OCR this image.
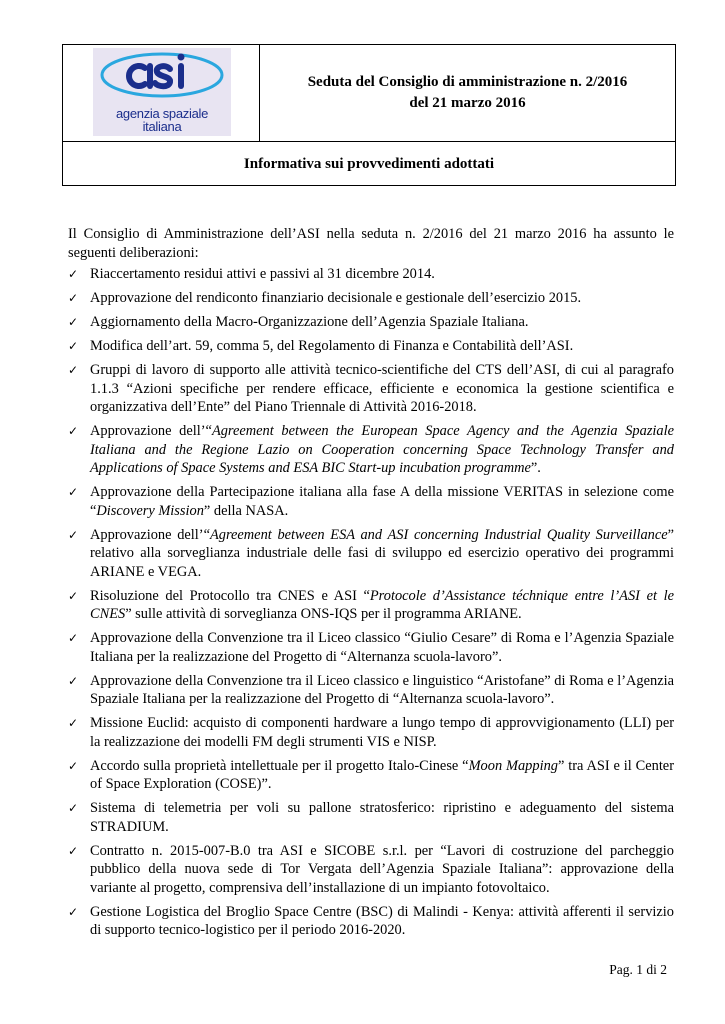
agenzia spaziale
italiana
Seduta del Consiglio di amministrazione n. 2/2016
del 21 marzo 2016
Informativa sui provvedimenti adottati

Il Consiglio di Amministrazione dell’ASI nella seduta n. 2/2016 del 21 marzo 2016 ha assunto le seguenti deliberazioni:

✓ Riaccertamento residui attivi e passivi al 31 dicembre 2014.
✓ Approvazione del rendiconto finanziario decisionale e gestionale dell’esercizio 2015.
✓ Aggiornamento della Macro-Organizzazione dell’Agenzia Spaziale Italiana.
✓ Modifica dell’art. 59, comma 5, del Regolamento di Finanza e Contabilità dell’ASI.
✓ Gruppi di lavoro di supporto alle attività tecnico-scientifiche del CTS dell’ASI, di cui al paragrafo 1.1.3 “Azioni specifiche per rendere efficace, efficiente e economica la gestione scientifica e organizzativa dell’Ente” del Piano Triennale di Attività 2016-2018.
✓ Approvazione dell’“Agreement between the European Space Agency and the Agenzia Spaziale Italiana and the Regione Lazio on Cooperation concerning Space Technology Transfer and Applications of Space Systems and ESA BIC Start-up incubation programme”.
✓ Approvazione della Partecipazione italiana alla fase A della missione VERITAS in selezione come “Discovery Mission” della NASA.
✓ Approvazione dell’“Agreement between ESA and ASI concerning Industrial Quality Surveillance” relativo alla sorveglianza industriale delle fasi di sviluppo ed esercizio operativo dei programmi ARIANE e VEGA.
✓ Risoluzione del Protocollo tra CNES e ASI “Protocole d’Assistance téchnique entre l’ASI et le CNES” sulle attività di sorveglianza ONS-IQS per il programma ARIANE.
✓ Approvazione della Convenzione tra il Liceo classico “Giulio Cesare” di Roma e l’Agenzia Spaziale Italiana per la realizzazione del Progetto di “Alternanza scuola-lavoro”.
✓ Approvazione della Convenzione tra il Liceo classico e linguistico “Aristofane” di Roma e l’Agenzia Spaziale Italiana per la realizzazione del Progetto di “Alternanza scuola-lavoro”.
✓ Missione Euclid: acquisto di componenti hardware a lungo tempo di approvvigionamento (LLI) per la realizzazione dei modelli FM degli strumenti VIS e NISP.
✓ Accordo sulla proprietà intellettuale per il progetto Italo-Cinese “Moon Mapping” tra ASI e il Center of Space Exploration (COSE)”.
✓ Sistema di telemetria per voli su pallone stratosferico: ripristino e adeguamento del sistema STRADIUM.
✓ Contratto n. 2015-007-B.0 tra ASI e SICOBE s.r.l. per “Lavori di costruzione del parcheggio pubblico della nuova sede di Tor Vergata dell’Agenzia Spaziale Italiana”: approvazione della variante al progetto, comprensiva dell’installazione di un impianto fotovoltaico.
✓ Gestione Logistica del Broglio Space Centre (BSC) di Malindi - Kenya: attività afferenti il servizio di supporto tecnico-logistico per il periodo 2016-2020.
Pag. 1 di 2
